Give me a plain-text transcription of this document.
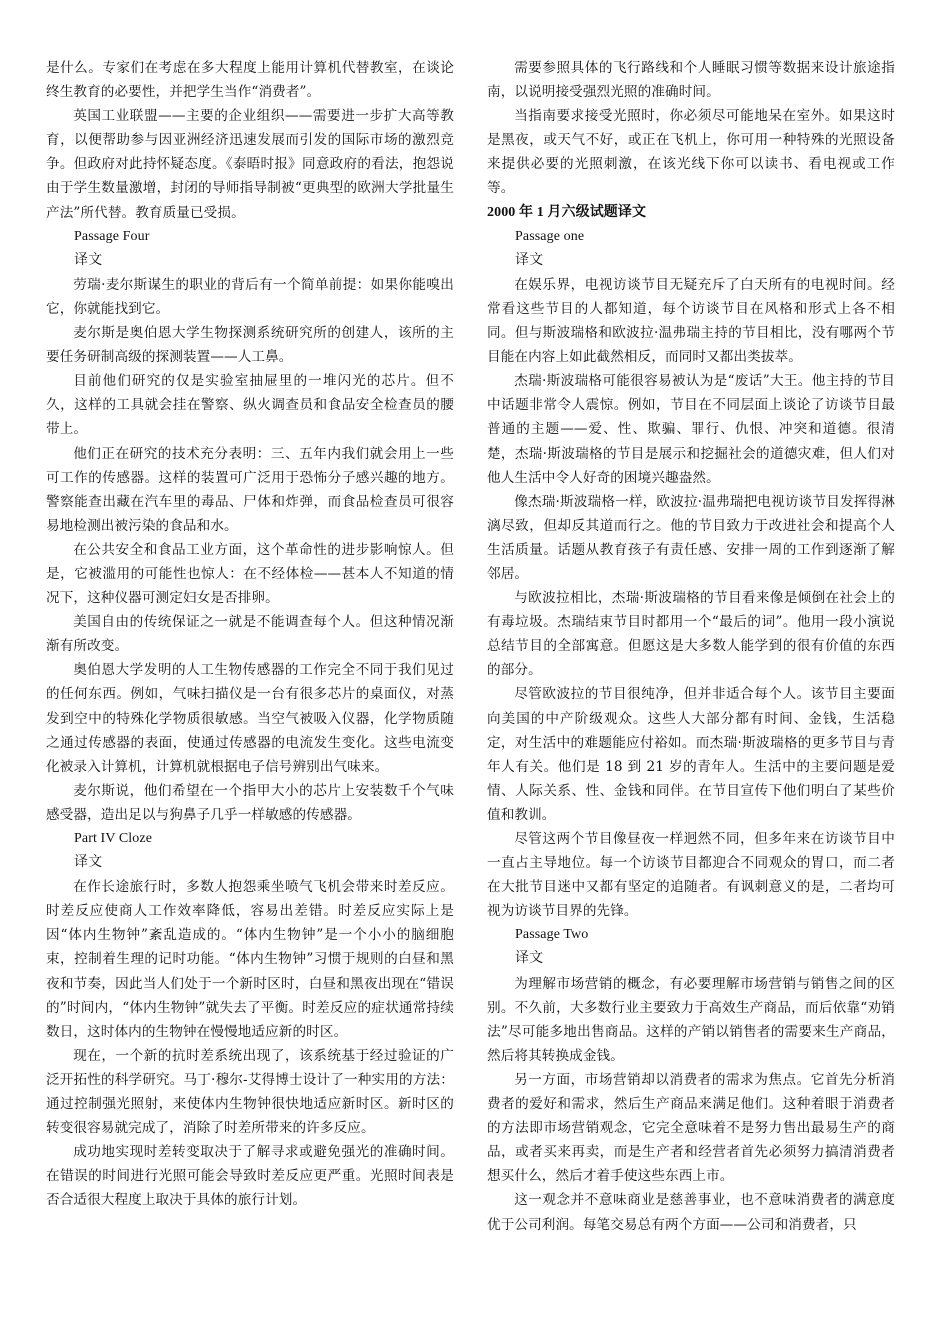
是什么。专家们在考虑在多大程度上能用计算机代替教室，在谈论终生教育的必要性，并把学生当作“消费者”。

英国工业联盟——主要的企业组织——需要进一步扩大高等教育，以便帮助参与因亚洲经济迅速发展而引发的国际市场的激烈竞争。但政府对此持怀疑态度。《泰晤时报》同意政府的看法，抱怨说由于学生数量激增，封闭的导师指导制被“更典型的欧洲大学批量生产法”所代替。教育质量已受损。

Passage Four

译文

劳瑞·麦尔斯谋生的职业的背后有一个简单前提：如果你能嗅出它，你就能找到它。

麦尔斯是奥伯恩大学生物探测系统研究所的创建人，该所的主要任务研制高级的探测装置——人工鼻。

目前他们研究的仅是实验室抽屉里的一堆闪光的芯片。但不久，这样的工具就会挂在警察、纵火调查员和食品安全检查员的腰带上。

他们正在研究的技术充分表明：三、五年内我们就会用上一些可工作的传感器。这样的装置可广泛用于恐怖分子感兴趣的地方。警察能查出藏在汽车里的毒品、尸体和炸弹，而食品检查员可很容易地检测出被污染的食品和水。

在公共安全和食品工业方面，这个革命性的进步影响惊人。但是，它被滥用的可能性也惊人：在不经体检——甚本人不知道的情况下，这种仪器可测定妇女是否排卵。

美国自由的传统保证之一就是不能调查每个人。但这种情况渐渐有所改变。

奥伯恩大学发明的人工生物传感器的工作完全不同于我们见过的任何东西。例如，气味扫描仪是一台有很多芯片的桌面仪，对蒸发到空中的特殊化学物质很敏感。当空气被吸入仪器，化学物质随之通过传感器的表面，使通过传感器的电流发生变化。这些电流变化被录入计算机，计算机就根据电子信号辨别出气味来。

麦尔斯说，他们希望在一个指甲大小的芯片上安装数千个气味感受器，造出足以与狗鼻子几乎一样敏感的传感器。

Part IV Cloze

译文

在作长途旅行时，多数人抱怨乘坐喷气飞机会带来时差反应。时差反应使商人工作效率降低，容易出差错。时差反应实际上是因“体内生物钟”紊乱造成的。“体内生物钟”是一个小小的脑细胞束，控制着生理的记时功能。“体内生物钟”习惯于规则的白昼和黑夜和节奏，因此当人们处于一个新时区时，白昼和黑夜出现在“错误的”时间内，“体内生物钟”就失去了平衡。时差反应的症状通常持续数日，这时体内的生物钟在慢慢地适应新的时区。

现在，一个新的抗时差系统出现了，该系统基于经过验证的广泛开拓性的科学研究。马丁·穆尔-艾得博士设计了一种实用的方法：通过控制强光照射，来使体内生物钟很快地适应新时区。新时区的转变很容易就完成了，消除了时差所带来的许多反应。

成功地实现时差转变取决于了解寻求或避免强光的准确时间。在错误的时间进行光照可能会导致时差反应更严重。光照时间表是否合适很大程度上取决于具体的旅行计划。

需要参照具体的飞行路线和个人睡眠习惯等数据来设计旅途指南，以说明接受强烈光照的准确时间。

当指南要求接受光照时，你必须尽可能地呆在室外。如果这时是黑夜，或天气不好，或正在飞机上，你可用一种特殊的光照设备来提供必要的光照刺激，在该光线下你可以读书、看电视或工作等。

2000 年 1 月六级试题译文

Passage one

译文

在娱乐界，电视访谈节目无疑充斥了白天所有的电视时间。经常看这些节目的人都知道，每个访谈节目在风格和形式上各不相同。但与斯波瑞格和欧波拉·温弗瑞主持的节目相比，没有哪两个节目能在内容上如此截然相反，而同时又都出类拔萃。

杰瑞·斯波瑞格可能很容易被认为是“废话”大王。他主持的节目中话题非常令人震惊。例如，节目在不同层面上谈论了访谈节目最普通的主题——爱、性、欺骗、罪行、仇恨、冲突和道德。很清楚，杰瑞·斯波瑞格的节目是展示和挖掘社会的道德灾难，但人们对他人生活中令人好奇的困境兴趣盎然。

像杰瑞·斯波瑞格一样，欧波拉·温弗瑞把电视访谈节目发挥得淋漓尽致，但却反其道而行之。他的节目致力于改进社会和提高个人生活质量。话题从教育孩子有责任感、安排一周的工作到逐渐了解邻居。

与欧波拉相比，杰瑞·斯波瑞格的节目看来像是倾倒在社会上的有毒垃圾。杰瑞结束节目时都用一个“最后的词”。他用一段小演说总结节目的全部寓意。但愿这是大多数人能学到的很有价值的东西的部分。

尽管欧波拉的节目很纯净，但并非适合每个人。该节目主要面向美国的中产阶级观众。这些人大部分都有时间、金钱，生活稳定，对生活中的难题能应付裕如。而杰瑞·斯波瑞格的更多节目与青年人有关。他们是 18 到 21 岁的青年人。生活中的主要问题是爱情、人际关系、性、金钱和同伴。在节目宣传下他们明白了某些价值和教训。

尽管这两个节目像昼夜一样迥然不同，但多年来在访谈节目中一直占主导地位。每一个访谈节目都迎合不同观众的胃口，而二者在大批节目迷中又都有坚定的追随者。有讽刺意义的是，二者均可视为访谈节目界的先锋。

Passage Two

译文

为理解市场营销的概念，有必要理解市场营销与销售之间的区别。不久前，大多数行业主要致力于高效生产商品，而后依靠“劝销法”尽可能多地出售商品。这样的产销以销售者的需要来生产商品，然后将其转换成金钱。

另一方面，市场营销却以消费者的需求为焦点。它首先分析消费者的爱好和需求，然后生产商品来满足他们。这种着眼于消费者的方法即市场营销观念，它完全意味着不是努力售出最易生产的商品，或者买来再卖，而是生产者和经营者首先必须努力搞清消费者想买什么，然后才着手使这些东西上市。

这一观念并不意味商业是慈善事业，也不意味消费者的满意度优于公司利润。每笔交易总有两个方面——公司和消费者，只
